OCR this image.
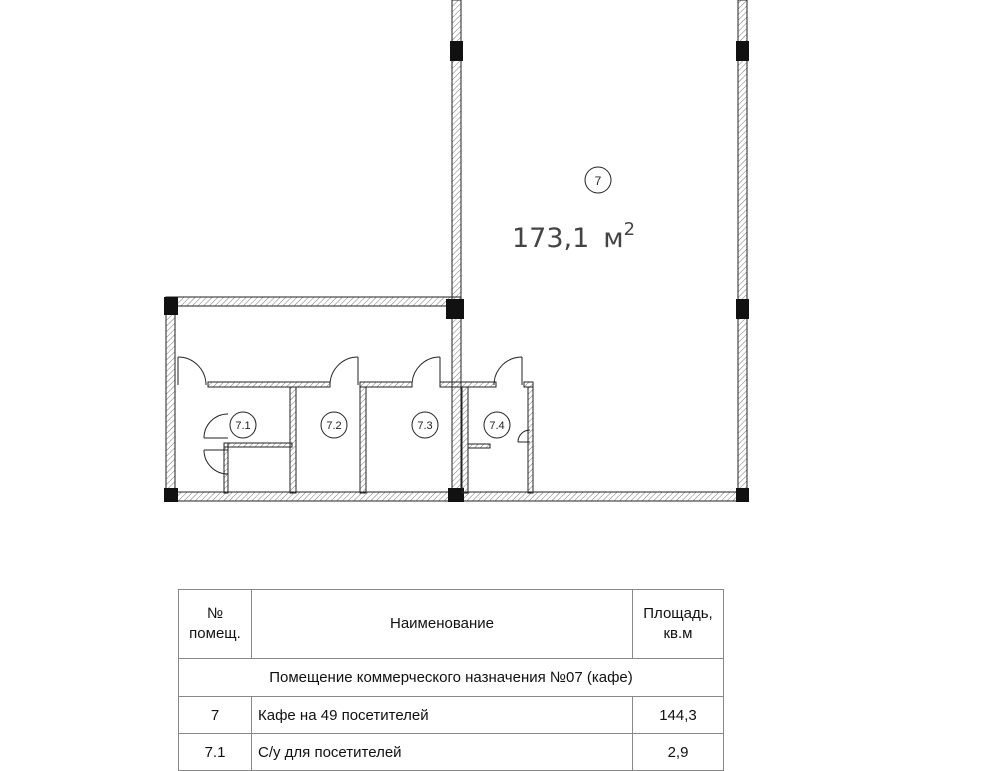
7
173,1 $м^2$
7.1	7.2	7.3	7.4
№
помещ.	Наименование	Площадь,
кв.м
Помещение коммерческого назначения №07 (кафе)		
7	Кафе на 49 посетителей	144,3
7.1	С/у для посетителей	2,9
